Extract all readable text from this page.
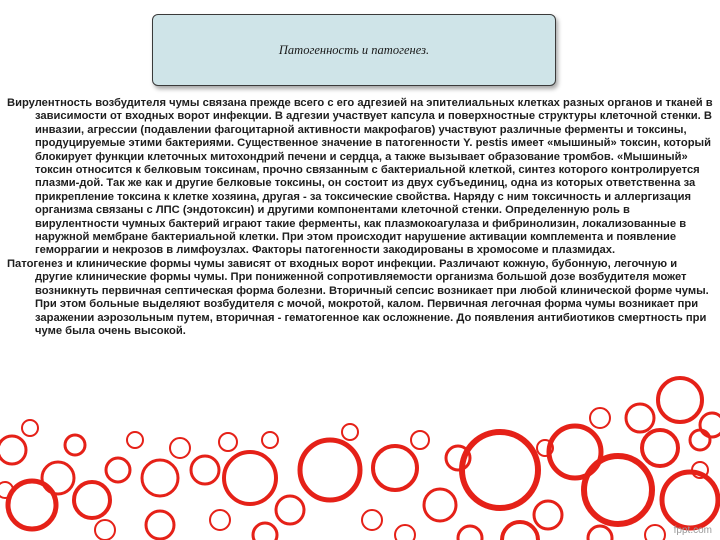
Патогенность и патогенез.

Вирулентность возбудителя чумы связана прежде всего с его адгезией на эпителиальных клетках разных органов и тканей в зависимости от входных ворот инфекции. В адгезии участвует капсула и поверхностные структуры клеточной стенки. В инвазии, агрессии (подавлении фагоцитарной активности макрофагов) участвуют различные ферменты и токсины, продуцируемые этими бактериями. Существенное значение в патогенности Y. pestis имеет «мышиный» токсин, который блокирует функции клеточных митохондрий печени и сердца, а также вызывает образование тромбов. «Мышиный» токсин относится к белковым токсинам, прочно связанным с бактериальной клеткой, синтез которого контролируется плазми-дой. Так же как и другие белковые токсины, он состоит из двух субъединиц, одна из которых ответственна за прикрепление токсина к клетке хозяина, другая - за токсические свойства. Наряду с ним токсичность и аллергизация организма связаны с ЛПС (эндотоксин) и другими компонентами клеточной стенки. Определенную роль в вирулентности чумных бактерий играют такие ферменты, как плазмокоагулаза и фибринолизин, локализованные в наружной мембране бактериальной клетки. При этом происходит нарушение активации комплемента и появление геморрагии и некрозов в лимфоузлах. Факторы патогенности закодированы в хромосоме и плазмидах.

Патогенез и клинические формы чумы зависят от входных ворот инфекции. Различают кожную, бубонную, легочную и другие клинические формы чумы. При пониженной сопротивляемости организма большой дозе возбудителя может возникнуть первичная септическая форма болезни. Вторичный сепсис возникает при любой клинической форме чумы. При этом больные выделяют возбудителя с мочой, мокротой, калом. Первичная легочная форма чумы возникает при заражении аэрозольным путем, вторичная - гематогенное как осложнение. До появления антибиотиков смертность при чуме была очень высокой.

fppt.com
